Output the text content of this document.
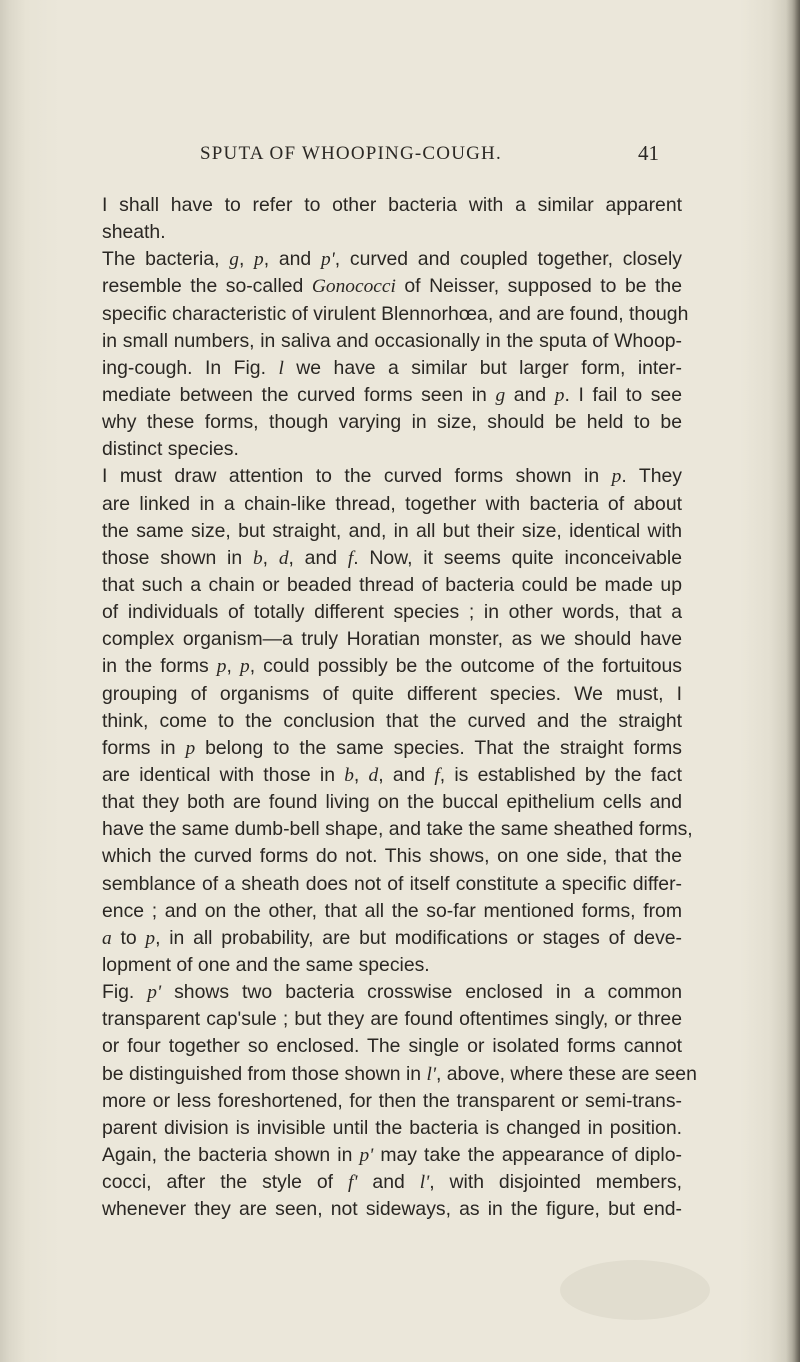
SPUTA OF WHOOPING-COUGH.	41
I shall have to refer to other bacteria with a similar apparent
sheath.
The bacteria, g, p, and p', curved and coupled together, closely
resemble the so-called Gonococci of Neisser, supposed to be the
specific characteristic of virulent Blennorhœa, and are found, though
in small numbers, in saliva and occasionally in the sputa of Whoop-
ing-cough. In Fig. l we have a similar but larger form, inter-
mediate between the curved forms seen in g and p. I fail to see
why these forms, though varying in size, should be held to be
distinct species.
I must draw attention to the curved forms shown in p. They
are linked in a chain-like thread, together with bacteria of about
the same size, but straight, and, in all but their size, identical with
those shown in b, d, and f. Now, it seems quite inconceivable
that such a chain or beaded thread of bacteria could be made up
of individuals of totally different species ; in other words, that a
complex organism—a truly Horatian monster, as we should have
in the forms p, p, could possibly be the outcome of the fortuitous
grouping of organisms of quite different species. We must, I
think, come to the conclusion that the curved and the straight
forms in p belong to the same species. That the straight forms
are identical with those in b, d, and f, is established by the fact
that they both are found living on the buccal epithelium cells and
have the same dumb-bell shape, and take the same sheathed forms,
which the curved forms do not. This shows, on one side, that the
semblance of a sheath does not of itself constitute a specific differ-
ence ; and on the other, that all the so-far mentioned forms, from
a to p, in all probability, are but modifications or stages of deve-
lopment of one and the same species.
Fig. p' shows two bacteria crosswise enclosed in a common
transparent cap'sule ; but they are found oftentimes singly, or three
or four together so enclosed. The single or isolated forms cannot
be distinguished from those shown in l', above, where these are seen
more or less foreshortened, for then the transparent or semi-trans-
parent division is invisible until the bacteria is changed in position.
Again, the bacteria shown in p' may take the appearance of diplo-
cocci, after the style of f' and l', with disjointed members,
whenever they are seen, not sideways, as in the figure, but end-
